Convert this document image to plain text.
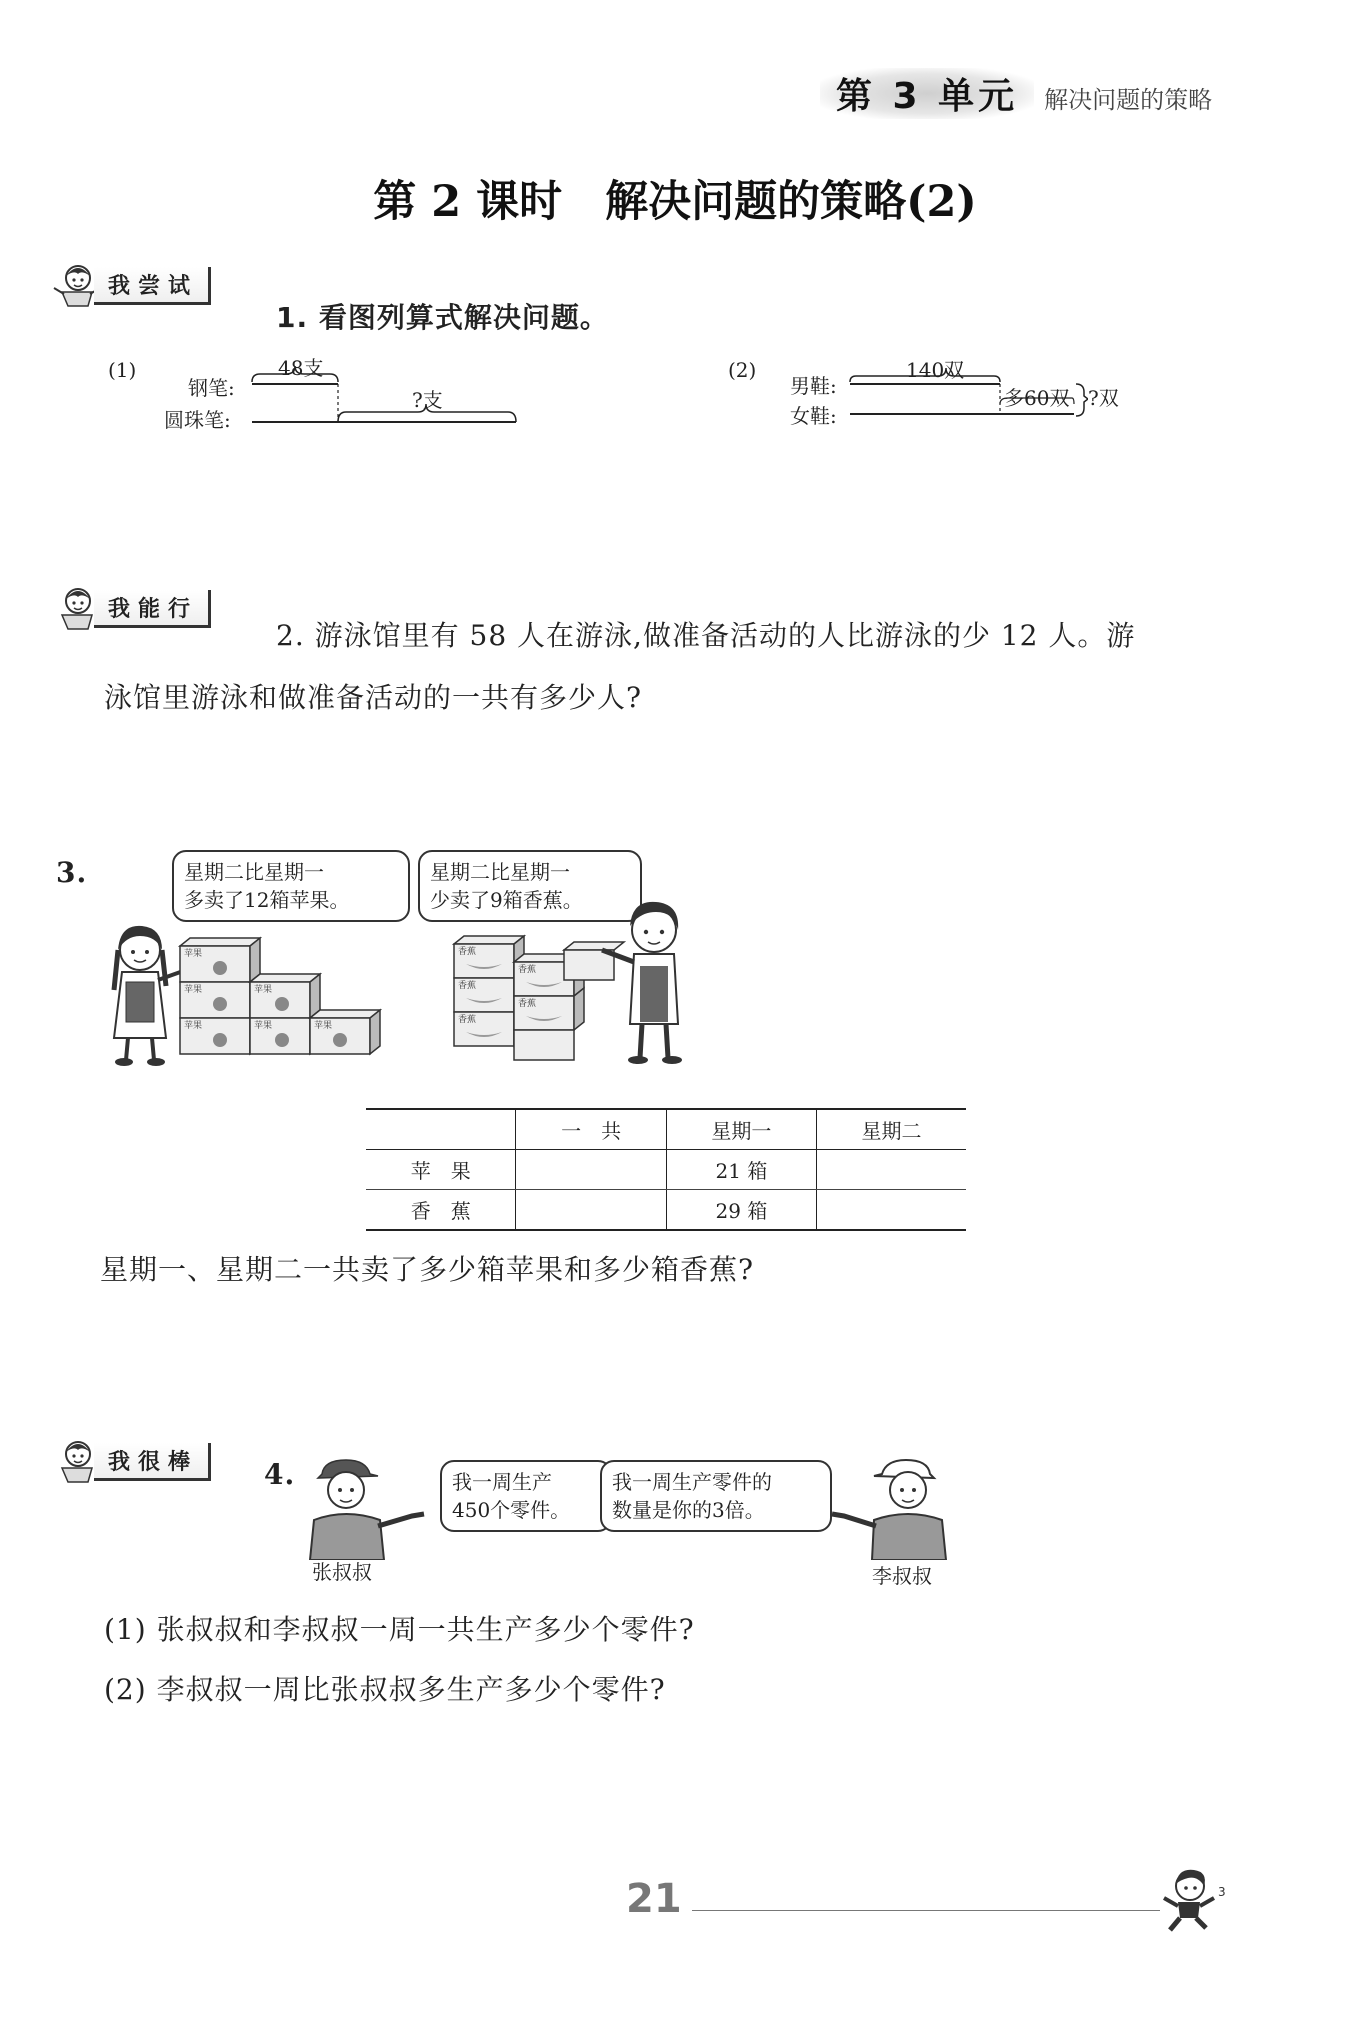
第 3 单元	解决问题的策略
第 2 课时　解决问题的策略(2)
我尝试
1. 看图列算式解决问题。
(1)
钢笔:
圆珠笔:
48支
?支
(2)
男鞋:
女鞋:
140双
多60双 ?双
我能行
2. 游泳馆里有 58 人在游泳,做准备活动的人比游泳的少 12 人。游
泳馆里游泳和做准备活动的一共有多少人?
3.	星期二比星期一
多卖了12箱苹果。
星期二比星期一
少卖了9箱香蕉。
苹果
苹果
苹果
苹果
苹果	苹果
香蕉
香蕉
香蕉
香蕉
香蕉
	一　共	星期一	星期二
苹　果		21 箱	
香　蕉		29 箱	
星期一、星期二一共卖了多少箱苹果和多少箱香蕉?
我很棒	4.	我一周生产
450个零件。
我一周生产零件的
数量是你的3倍。
张叔叔	李叔叔
(1) 张叔叔和李叔叔一周一共生产多少个零件?
(2) 李叔叔一周比张叔叔多生产多少个零件?
21	3
